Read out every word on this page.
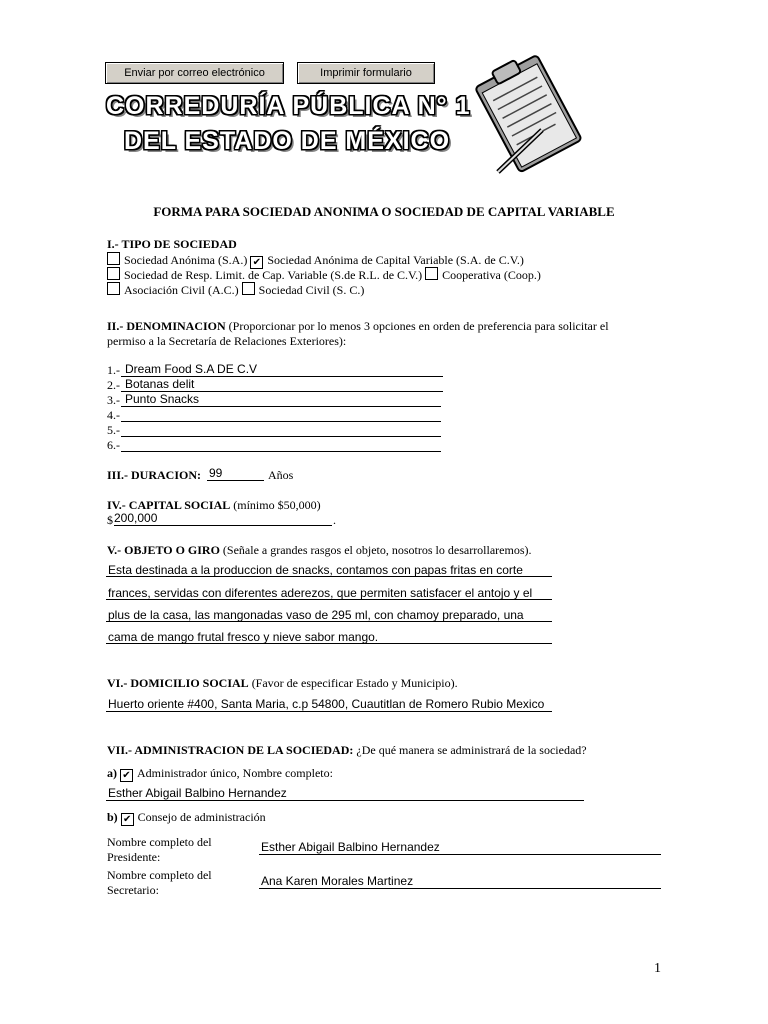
Enviar por correo electrónico	Imprimir formulario
CORREDURÍA PÚBLICA N° 1
DEL ESTADO DE MÉXICO
FORMA PARA SOCIEDAD ANONIMA O SOCIEDAD DE CAPITAL VARIABLE
I.- TIPO DE SOCIEDAD
Sociedad Anónima (S.A.) ✔ Sociedad Anónima de Capital Variable (S.A. de C.V.)
Sociedad de Resp. Limit. de Cap. Variable (S.de R.L. de C.V.) Cooperativa (Coop.)
Asociación Civil (A.C.) Sociedad Civil (S. C.)
II.- DENOMINACION (Proporcionar por lo menos 3 opciones en orden de preferencia para solicitar el
permiso a la Secretaría de Relaciones Exteriores):
1.- Dream Food S.A DE C.V
2.- Botanas delit
3.- Punto Snacks
4.-
5.-
6.-
III.- DURACION: 99	Años
IV.- CAPITAL SOCIAL (mínimo $50,000)
$ 200,000	.
V.- OBJETO O GIRO (Señale a grandes rasgos el objeto, nosotros lo desarrollaremos).
Esta destinada a la produccion de snacks, contamos con papas fritas en corte
frances, servidas con diferentes aderezos, que permiten satisfacer el antojo y el
plus de la casa, las mangonadas vaso de 295 ml, con chamoy preparado, una
cama de mango frutal fresco y nieve sabor mango.
VI.- DOMICILIO SOCIAL (Favor de especificar Estado y Municipio).
Huerto oriente #400, Santa Maria, c.p 54800, Cuautitlan de Romero Rubio Mexico
VII.- ADMINISTRACION DE LA SOCIEDAD: ¿De qué manera se administrará de la sociedad?
a) ✔ Administrador único, Nombre completo:
Esther Abigail Balbino Hernandez
b) ✔ Consejo de administración
Nombre completo del
Presidente:
Esther Abigail Balbino Hernandez
Nombre completo del
Secretario:
Ana Karen Morales Martinez
1
